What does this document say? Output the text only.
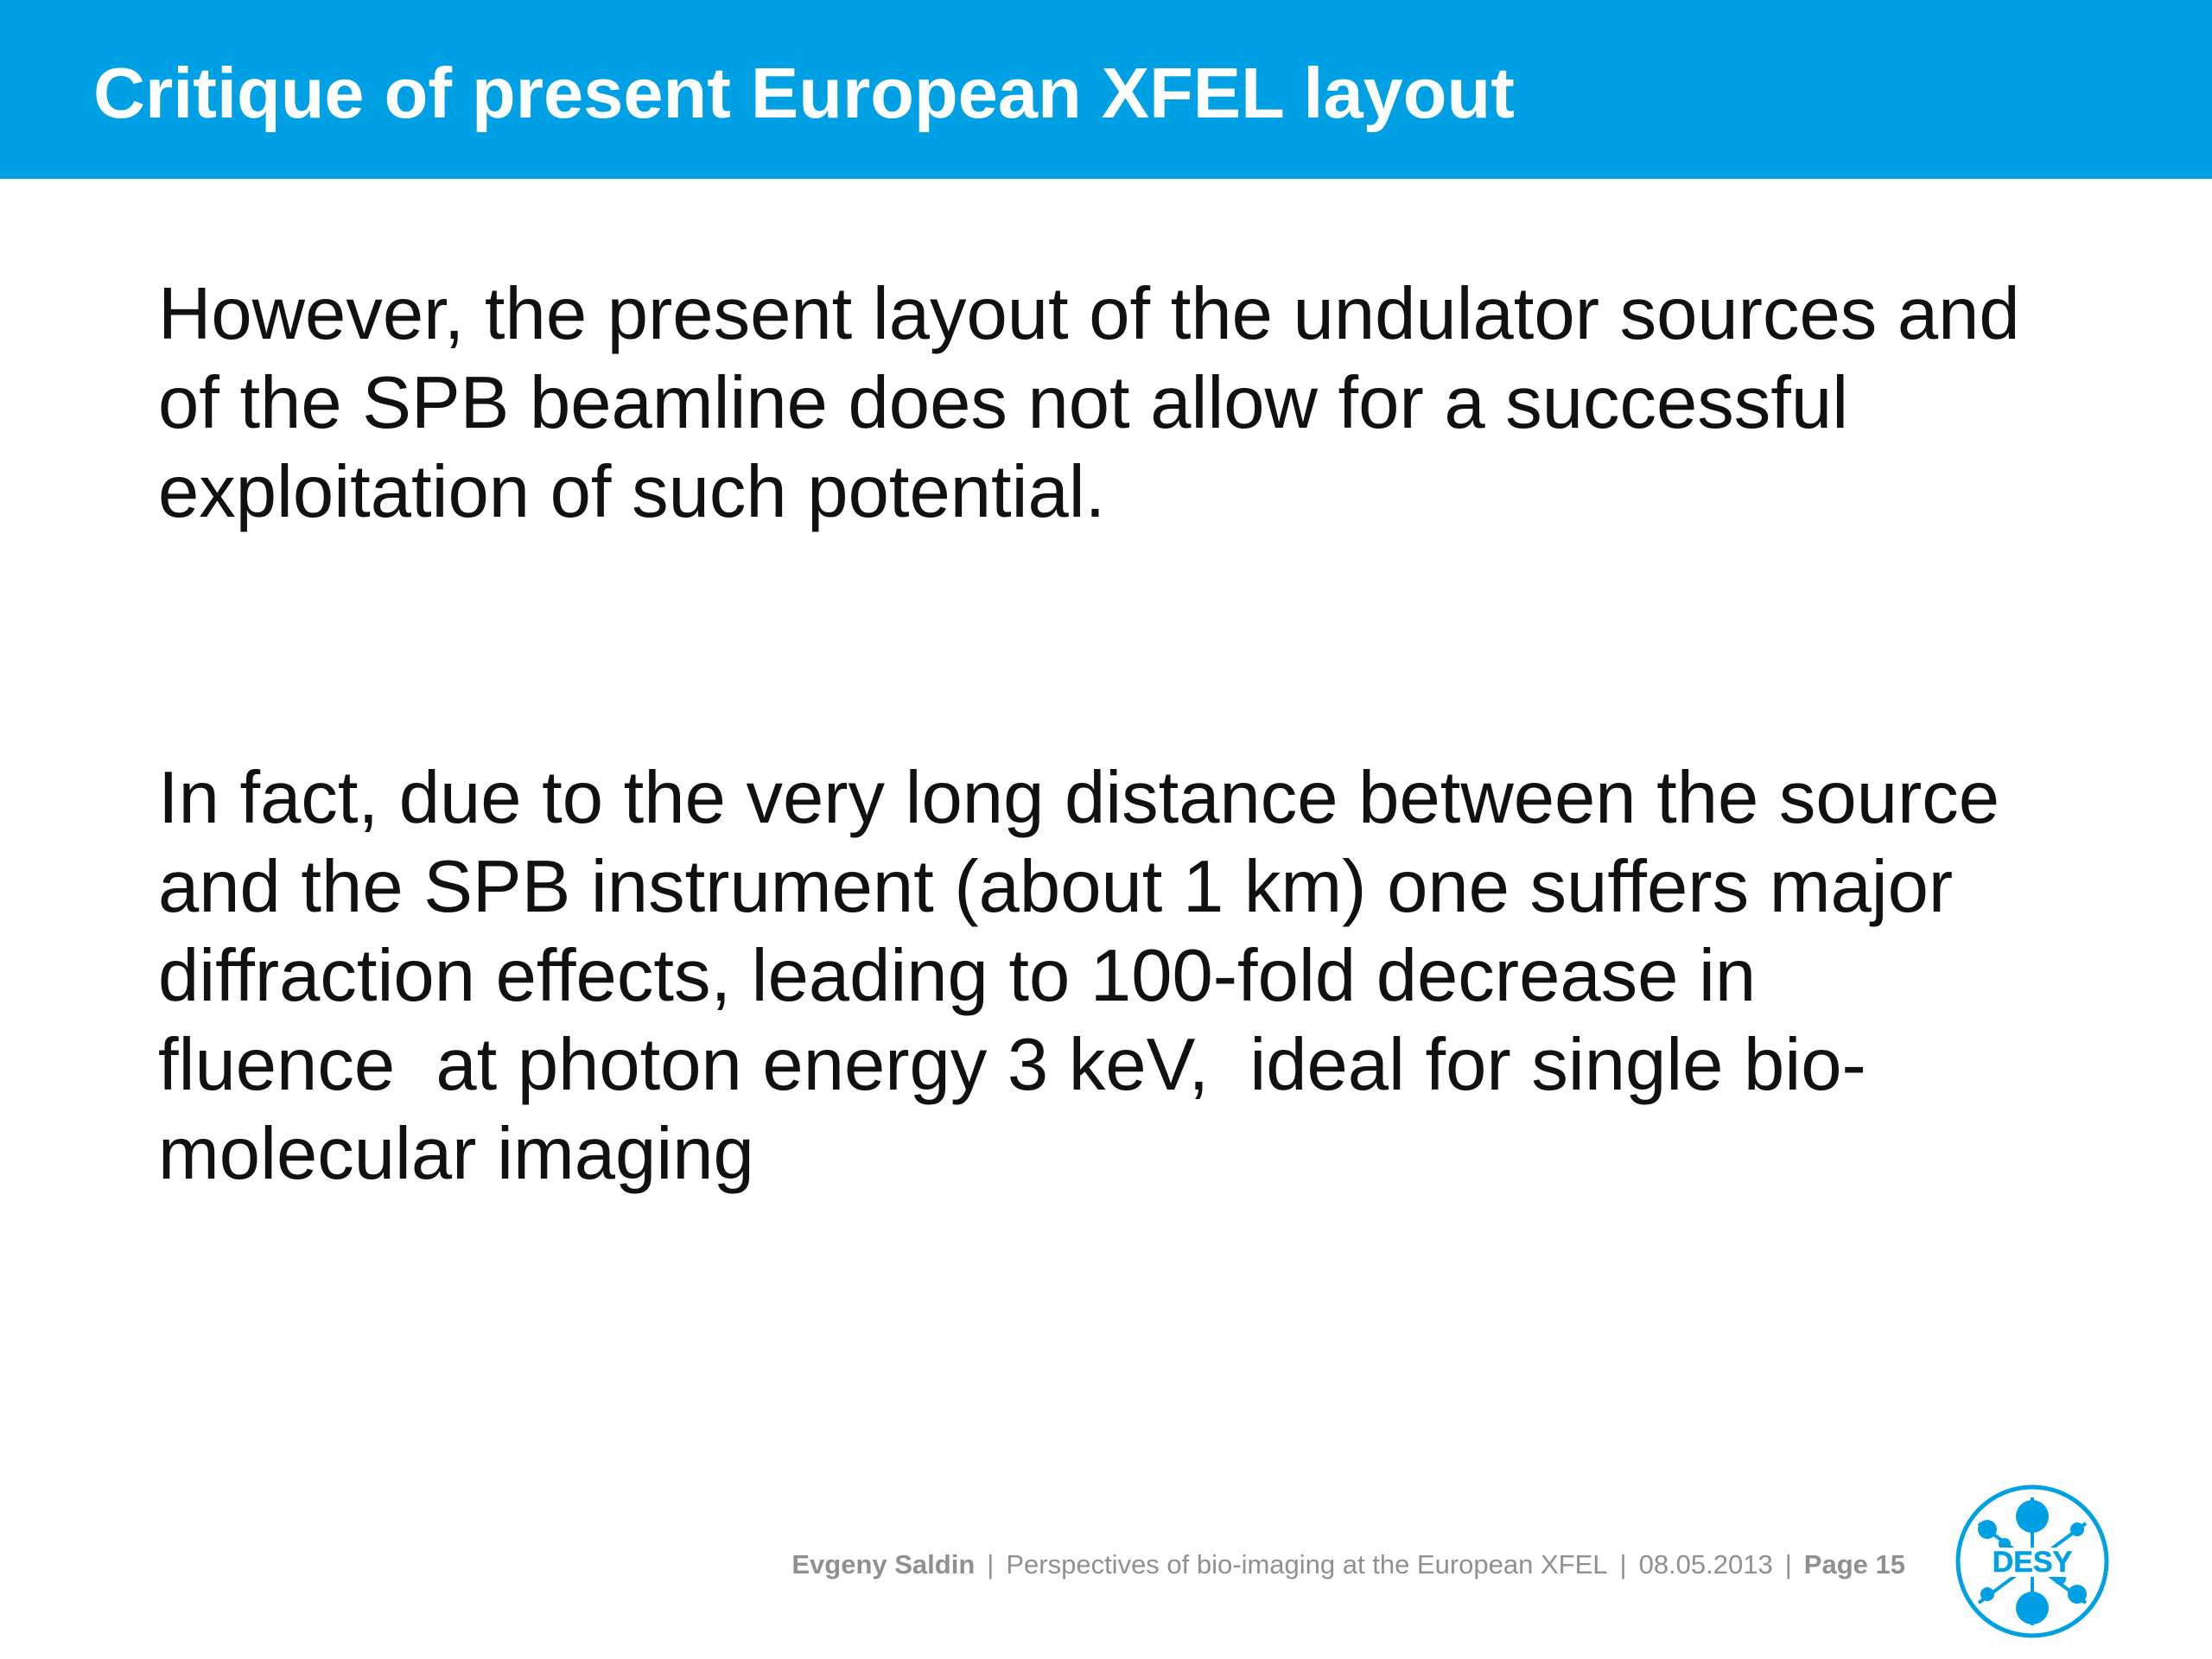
Critique of present European XFEL layout
However, the present layout of the undulator sources and
of the SPB beamline does not allow for a successful
exploitation of such potential.
In fact, due to the very long distance between the source
and the SPB instrument (about 1 km) one suffers major
diffraction effects, leading to 100-fold decrease in
fluence  at photon energy 3 keV,  ideal for single bio-
molecular imaging
Evgeny Saldin | Perspectives of bio-imaging at the European XFEL | 08.05.2013 | Page 15	DESY
